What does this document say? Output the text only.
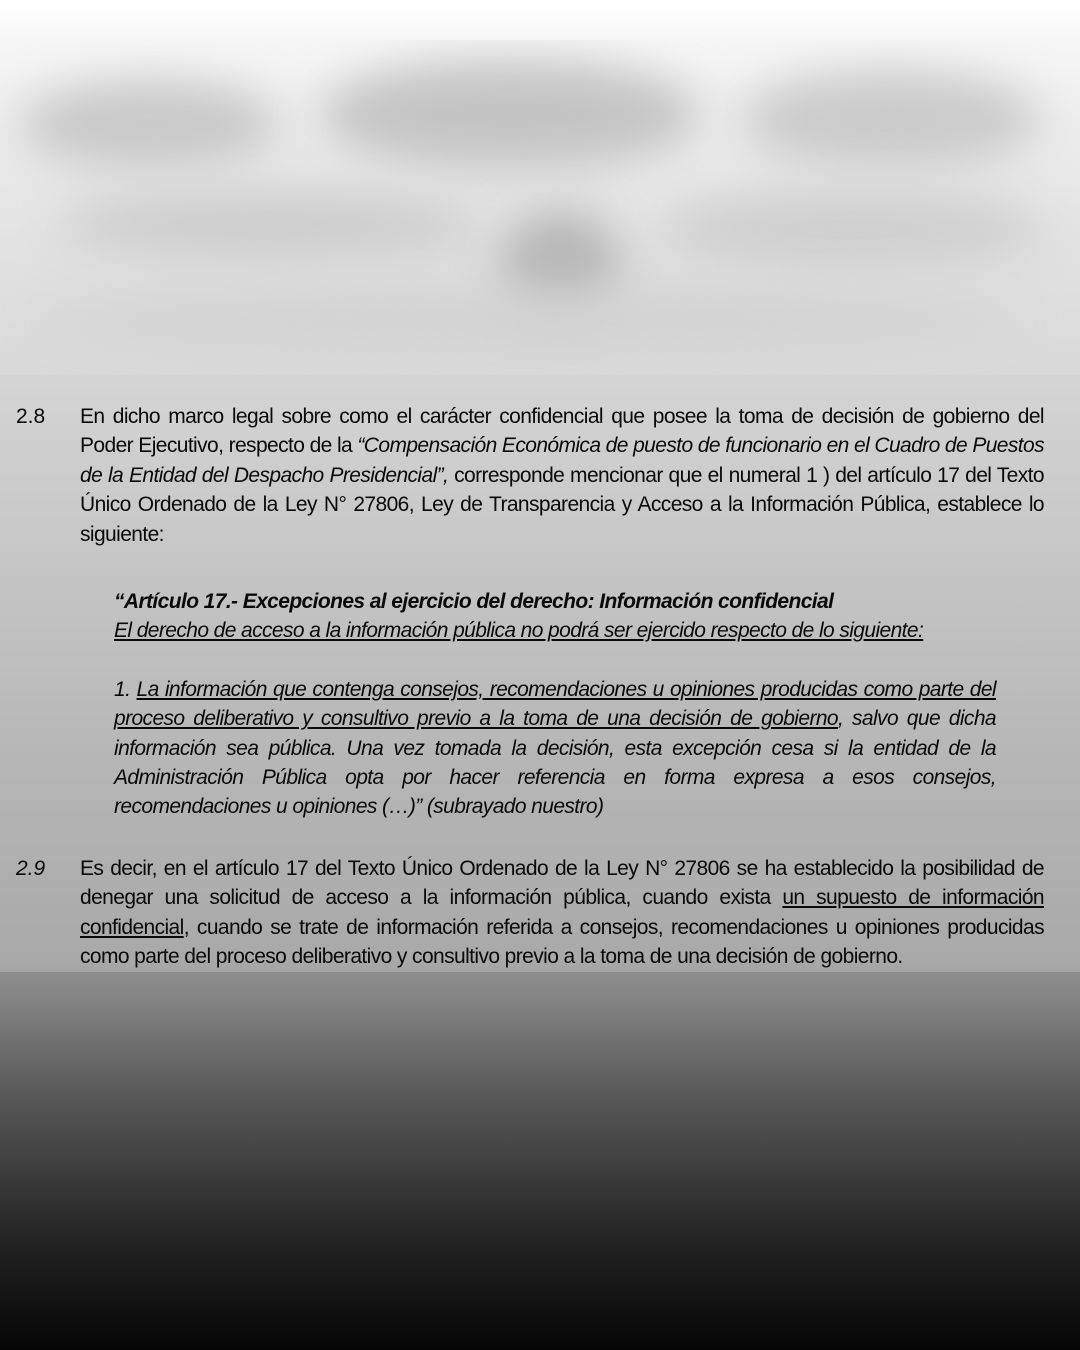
2.8 En dicho marco legal sobre como el carácter confidencial que posee la toma de decisión de gobierno del Poder Ejecutivo, respecto de la “Compensación Económica de puesto de funcionario en el Cuadro de Puestos de la Entidad del Despacho Presidencial”, corresponde mencionar que el numeral 1 ) del artículo 17 del Texto Único Ordenado de la Ley N° 27806, Ley de Transparencia y Acceso a la Información Pública, establece lo siguiente:
“Artículo 17.- Excepciones al ejercicio del derecho: Información confidencial
El derecho de acceso a la información pública no podrá ser ejercido respecto de lo siguiente:
1. La información que contenga consejos, recomendaciones u opiniones producidas como parte del proceso deliberativo y consultivo previo a la toma de una decisión de gobierno, salvo que dicha información sea pública. Una vez tomada la decisión, esta excepción cesa si la entidad de la Administración Pública opta por hacer referencia en forma expresa a esos consejos, recomendaciones u opiniones (…)” (subrayado nuestro)
2.9 Es decir, en el artículo 17 del Texto Único Ordenado de la Ley N° 27806 se ha establecido la posibilidad de denegar una solicitud de acceso a la información pública, cuando exista un supuesto de información confidencial, cuando se trate de información referida a consejos, recomendaciones u opiniones producidas como parte del proceso deliberativo y consultivo previo a la toma de una decisión de gobierno.
